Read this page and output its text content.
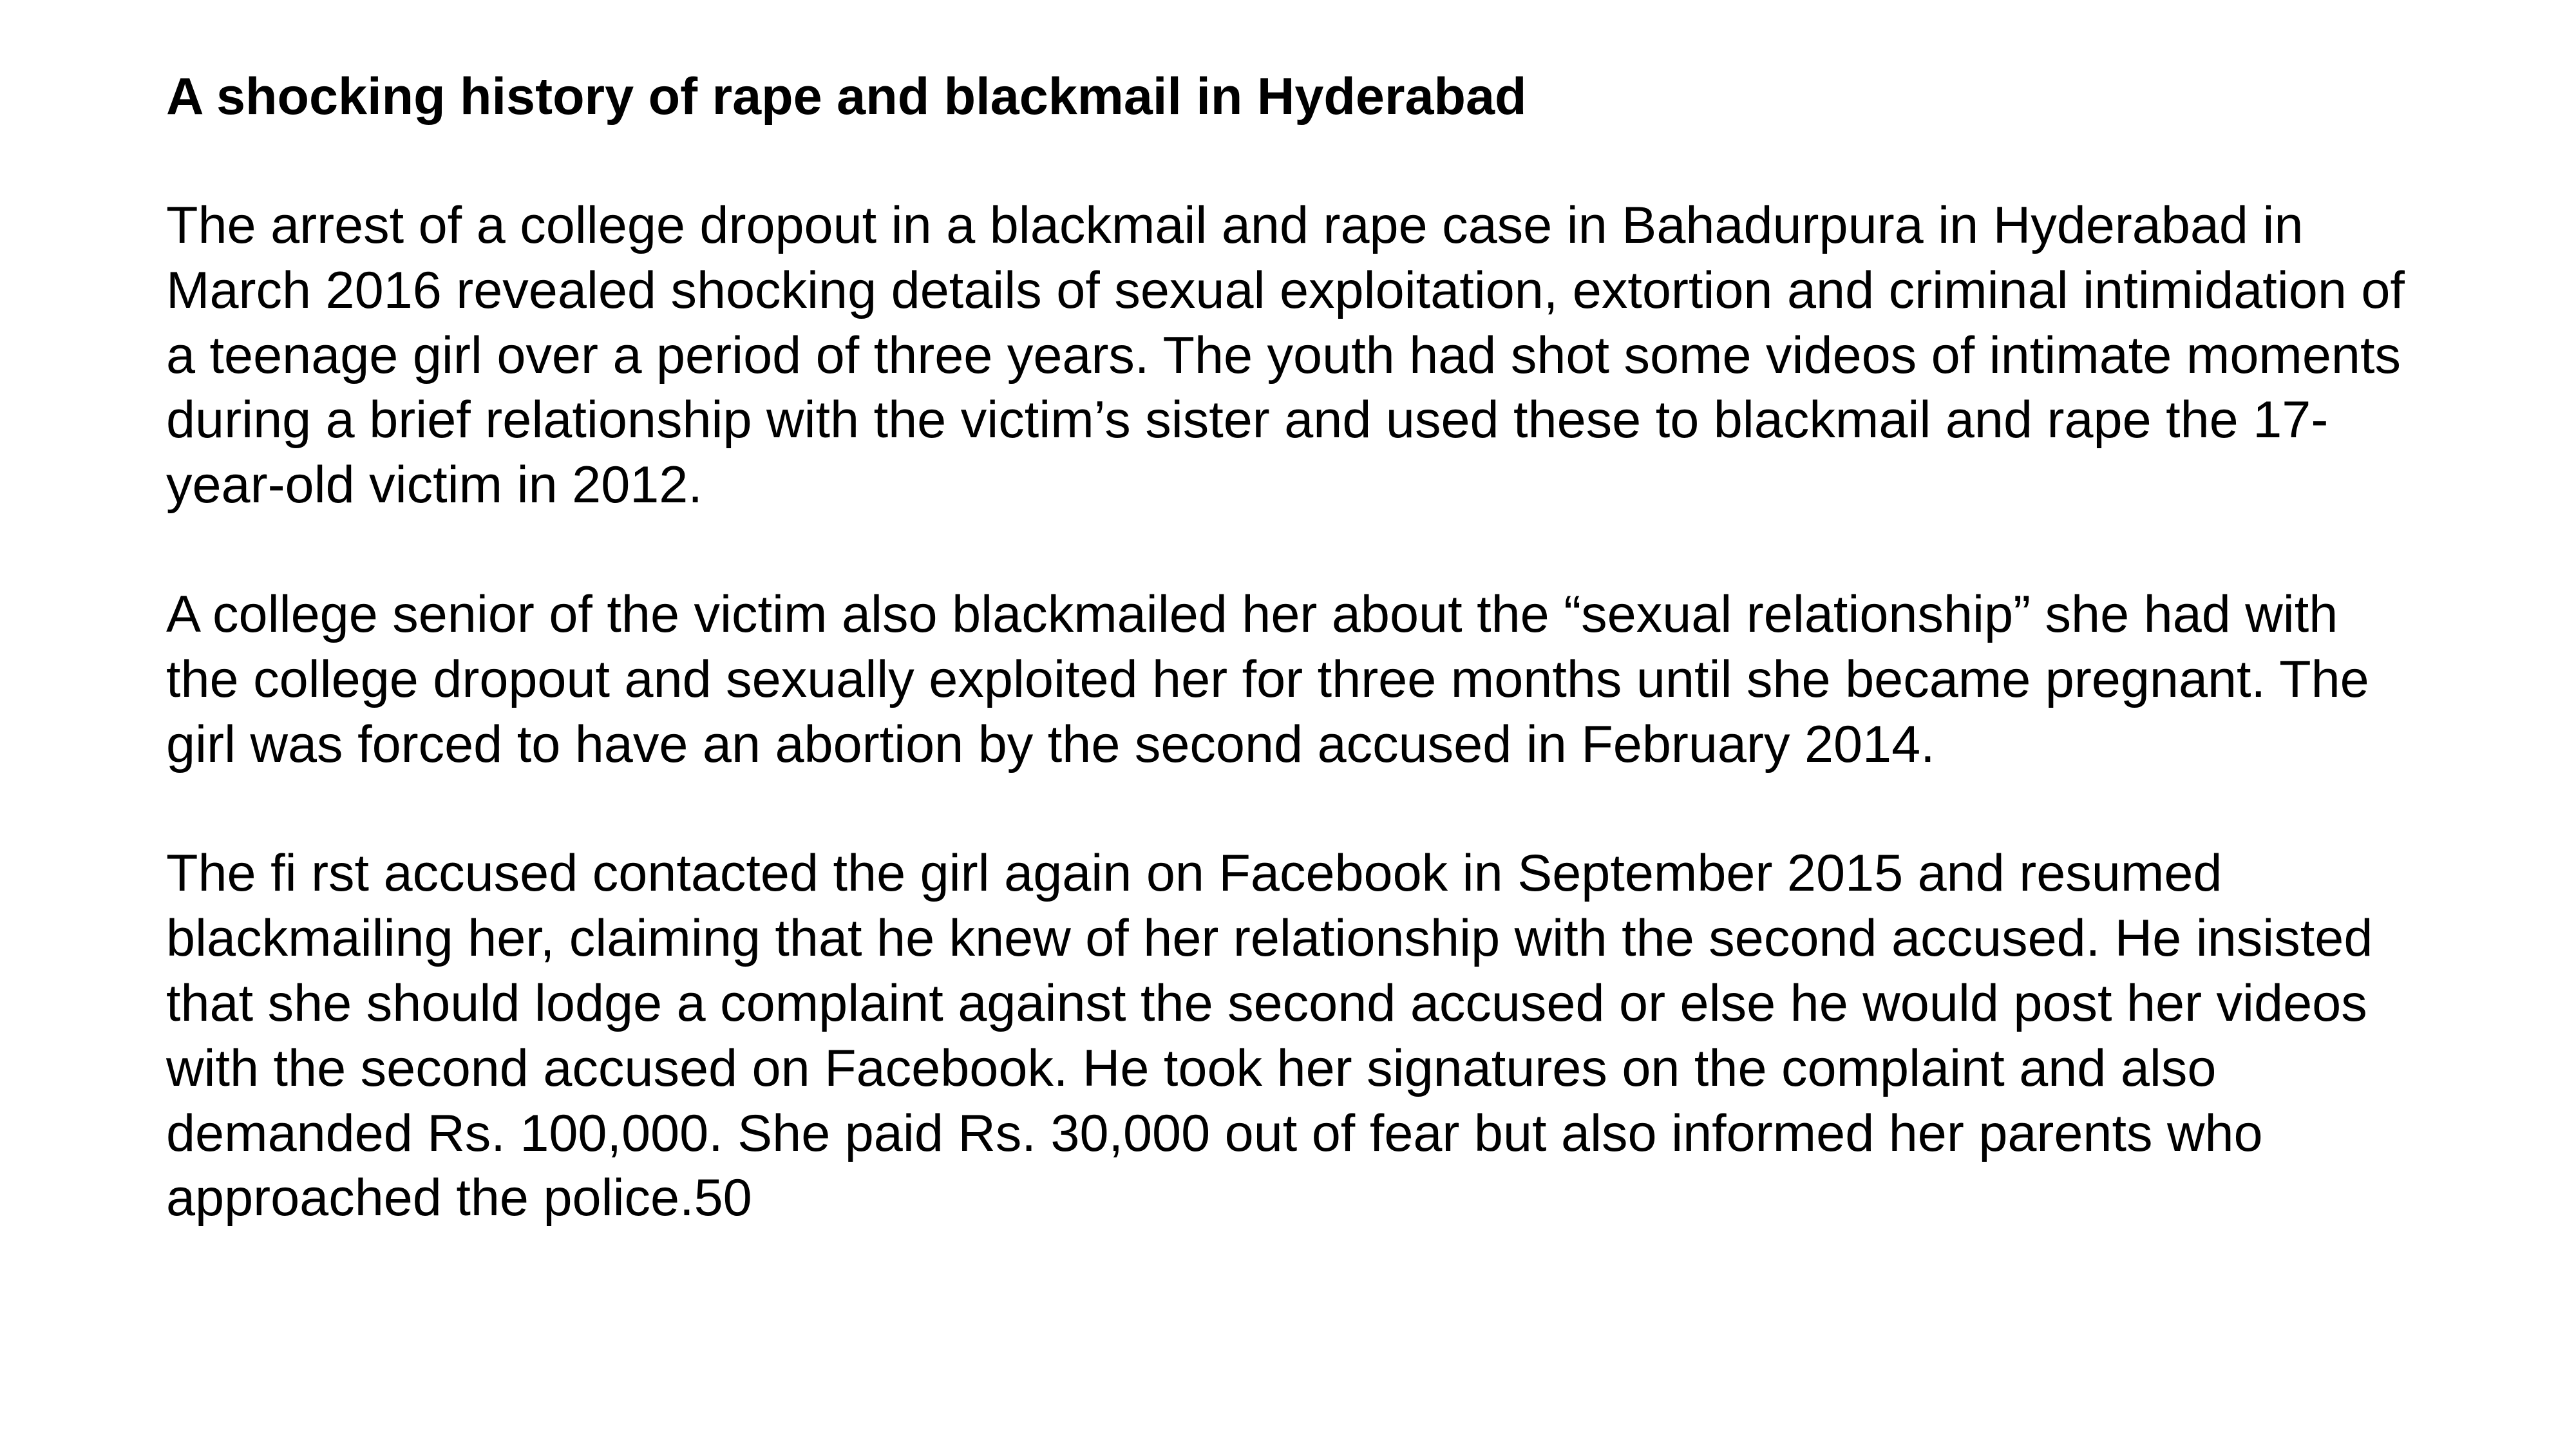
A shocking history of rape and blackmail in Hyderabad

The arrest of a college dropout in a blackmail and rape case in Bahadurpura in Hyderabad in
March 2016 revealed shocking details of sexual exploitation, extortion and criminal intimidation of
a teenage girl over a period of three years. The youth had shot some videos of intimate moments
during a brief relationship with the victim’s sister and used these to blackmail and rape the 17-
year-old victim in 2012.

A college senior of the victim also blackmailed her about the “sexual relationship” she had with
the college dropout and sexually exploited her for three months until she became pregnant. The
girl was forced to have an abortion by the second accused in February 2014.

The fi rst accused contacted the girl again on Facebook in September 2015 and resumed
blackmailing her, claiming that he knew of her relationship with the second accused. He insisted
that she should lodge a complaint against the second accused or else he would post her videos
with the second accused on Facebook. He took her signatures on the complaint and also
demanded Rs. 100,000. She paid Rs. 30,000 out of fear but also informed her parents who
approached the police.50
